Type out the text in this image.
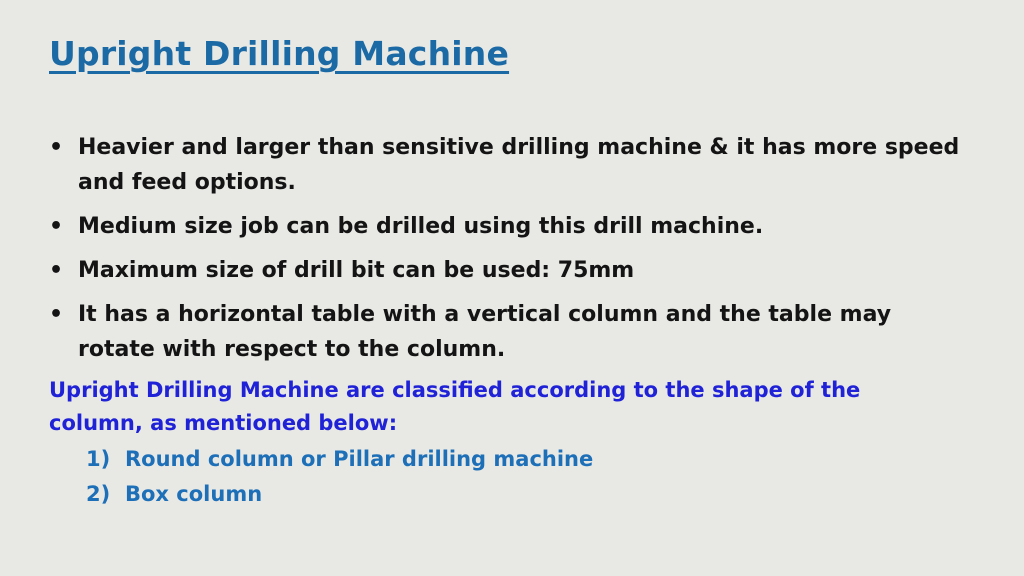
Upright Drilling Machine
• Heavier and larger than sensitive drilling machine & it has more speed and feed options.
• Medium size job can be drilled using this drill machine.
• Maximum size of drill bit can be used: 75mm
• It has a horizontal table with a vertical column and the table may rotate with respect to the column.

Upright Drilling Machine are classified according to the shape of the column, as mentioned below:

1) Round column or Pillar drilling machine
2) Box column
